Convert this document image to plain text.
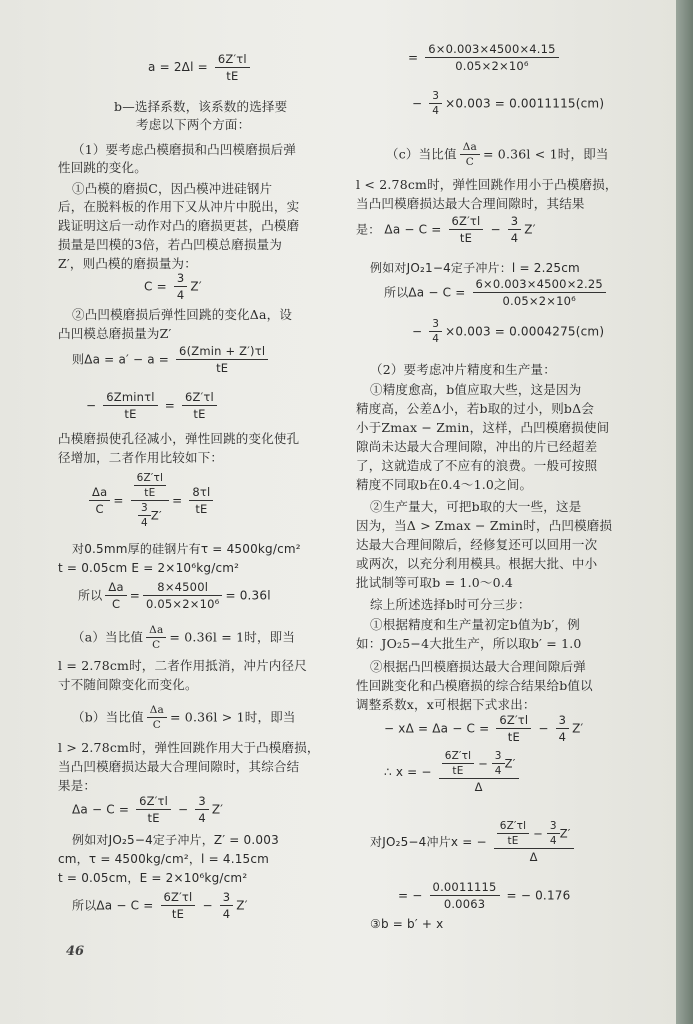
$a = 2\Delta l = \frac{6Z'\tau l}{tE}$
b—选择系数，该系数的选择要
考虑以下两个方面：
（1）要考虑凸模磨损和凸凹模磨损后弹
性回跳的变化。
①凸模的磨损C，因凸模冲进硅钢片
后，在脱料板的作用下又从冲片中脱出，实
践证明这后一动作对凸的磨损更甚，凸模磨
损量是凹模的3倍，若凸凹模总磨损量为
Z′，则凸模的磨损量为：
$C = \frac{3}{4} Z'$
②凸凹模磨损后弹性回跳的变化Δa，设
凸凹模总磨损量为Z′
则$\Delta a = a' - a = \frac{6(Zmin + Z')\tau l}{tE}$
− $\frac{6Zmin\tau l}{tE} = \frac{6Z'\tau l}{tE}$
凸模磨损使孔径减小，弹性回跳的变化使孔
径增加，二者作用比较如下：
$\frac{\Delta a}{C} = \frac{\frac{6Z'\tau l}{tE}}{\frac{3}{4} Z'} = \frac{8\tau l}{tE}$
对0.5mm厚的硅钢片有τ = 4500kg/cm²
t = 0.05cm E = 2×10⁶kg/cm²
所以 $\frac{\Delta a}{C} = \frac{8\times 4500l}{\text{0.05×2×10⁶}} = 0.36l$
（a）当比值 $\frac{\Delta a}{C} = 0.36l = 1$时，即当
l = 2.78cm时，二者作用抵消，冲片内径尺
寸不随间隙变化而变化。
（b）当比值 $\frac{\Delta a}{C} = 0.36l > 1$时，即当
l > 2.78cm时，弹性回跳作用大于凸模磨损，
当凸凹模磨损达最大合理间隙时，其综合结
果是：
$\Delta a - C = \frac{6Z'\tau l}{tE} - \frac{3}{4} Z'$
例如对JO₂5−4定子冲片，Z′ = 0.003
cm，τ = 4500kg/cm²，l = 4.15cm
t = 0.05cm，E = 2×10⁶kg/cm²
所以$\Delta a - C = \frac{6Z'\tau l}{tE} - \frac{3}{4} Z'$
= $\frac{6\times 0.003\times 4500\times 4.15}{\text{0.05×2×10⁶}}$
− $\frac{3}{4} \times 0.003 = 0.0011115(cm)$
（c）当比值 $\frac{\Delta a}{C} = 0.36l < 1$时，即当
l < 2.78cm时，弹性回跳作用小于凸模磨损，
当凸凹模磨损达最大合理间隙时，其结果
是： $\Delta a - C = \frac{6Z'\tau l}{tE} - \frac{3}{4} Z'$
例如对JO₂1−4定子冲片：l = 2.25cm
所以$\Delta a - C = \frac{6\times 0.003\times 4500\times 2.25}{\text{0.05×2×10⁶}}$
− $\frac{3}{4} \times 0.003 = 0.0004275(cm)$
（2）要考虑冲片精度和生产量：
①精度愈高，b值应取大些，这是因为
精度高，公差Δ小，若b取的过小，则bΔ会
小于Zmax − Zmin，这样，凸凹模磨损使间
隙尚未达最大合理间隙，冲出的片已经超差
了，这就造成了不应有的浪费。一般可按照
精度不同取b在0.4～1.0之间。
②生产量大，可把b取的大一些，这是
因为，当Δ > Zmax − Zmin时，凸凹模磨损
达最大合理间隙后，经修复还可以回用一次
或两次，以充分利用模具。根据大批、中小
批试制等可取b = 1.0～0.4
综上所述选择b时可分三步：
①根据精度和生产量初定b值为b′，例
如：JO₂5−4大批生产，所以取b′ = 1.0
②根据凸凹模磨损达最大合理间隙后弹
性回跳变化和凸模磨损的综合结果给b值以
调整系数x，x可根据下式求出：
− $x\Delta = \Delta a - C = \frac{6Z'\tau l}{tE} - \frac{3}{4} Z'$
∴ x = − $\frac{\frac{6Z'\tau l}{tE} - \frac{3}{4} Z'}{\Delta}$
对JO₂5−4冲片x = − $\frac{\frac{6Z'\tau l}{tE} - \frac{3}{4} Z'}{\Delta}$
= − $\frac{0.0011115}{0.0063}$ = − 0.176
③b = b′ + x
46
